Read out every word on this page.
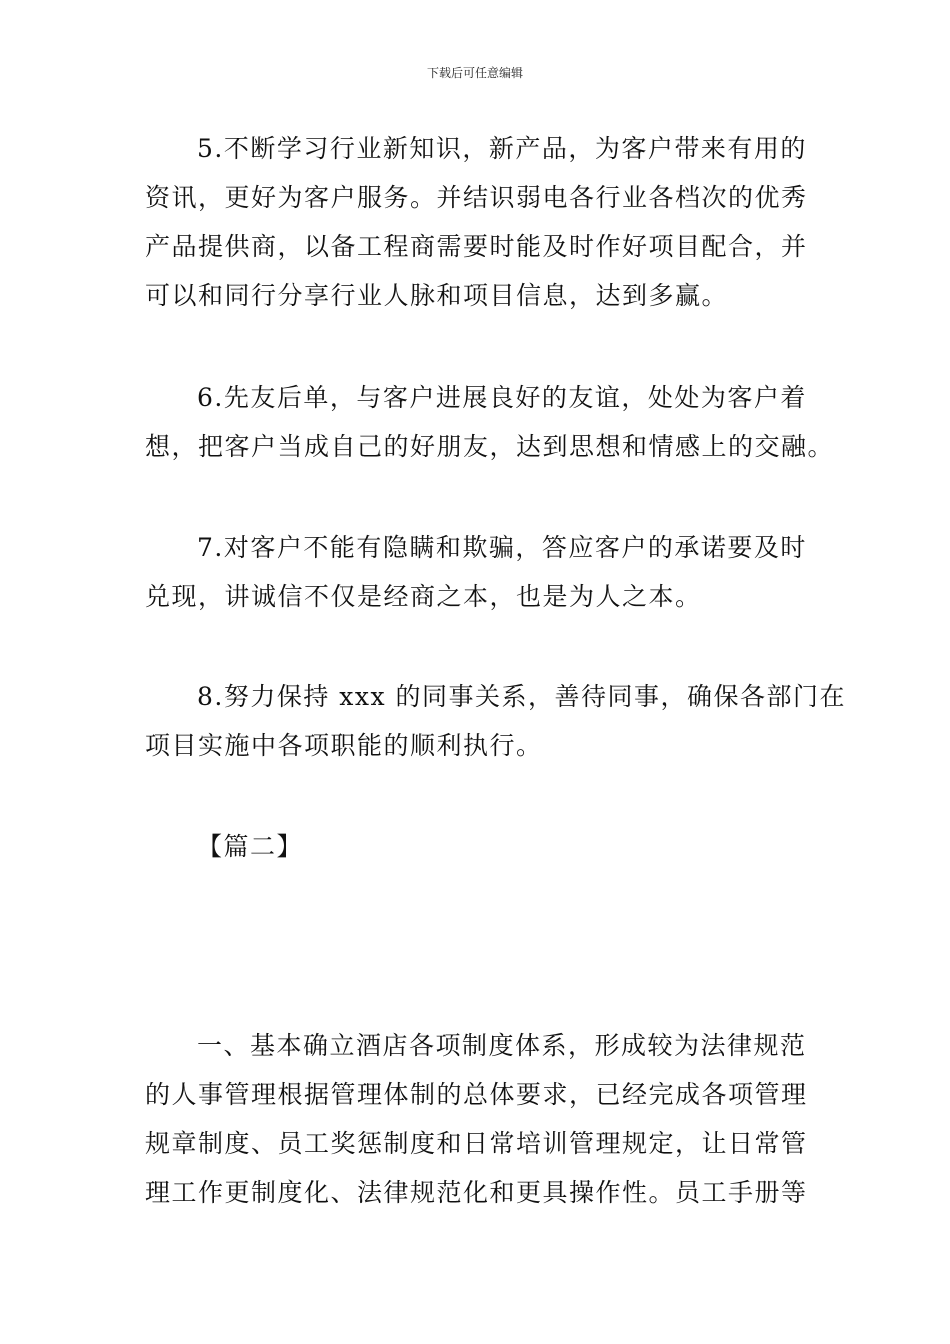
下载后可任意编辑
5.不断学习行业新知识，新产品，为客户带来有用的
资讯，更好为客户服务。并结识弱电各行业各档次的优秀
产品提供商，以备工程商需要时能及时作好项目配合，并
可以和同行分享行业人脉和项目信息，达到多赢。
6.先友后单，与客户进展良好的友谊，处处为客户着
想，把客户当成自己的好朋友，达到思想和情感上的交融。
7.对客户不能有隐瞒和欺骗，答应客户的承诺要及时
兑现，讲诚信不仅是经商之本，也是为人之本。
8.努力保持 xxx 的同事关系，善待同事，确保各部门在
项目实施中各项职能的顺利执行。
【篇二】
一、基本确立酒店各项制度体系，形成较为法律规范
的人事管理根据管理体制的总体要求，已经完成各项管理
规章制度、员工奖惩制度和日常培训管理规定，让日常管
理工作更制度化、法律规范化和更具操作性。员工手册等
